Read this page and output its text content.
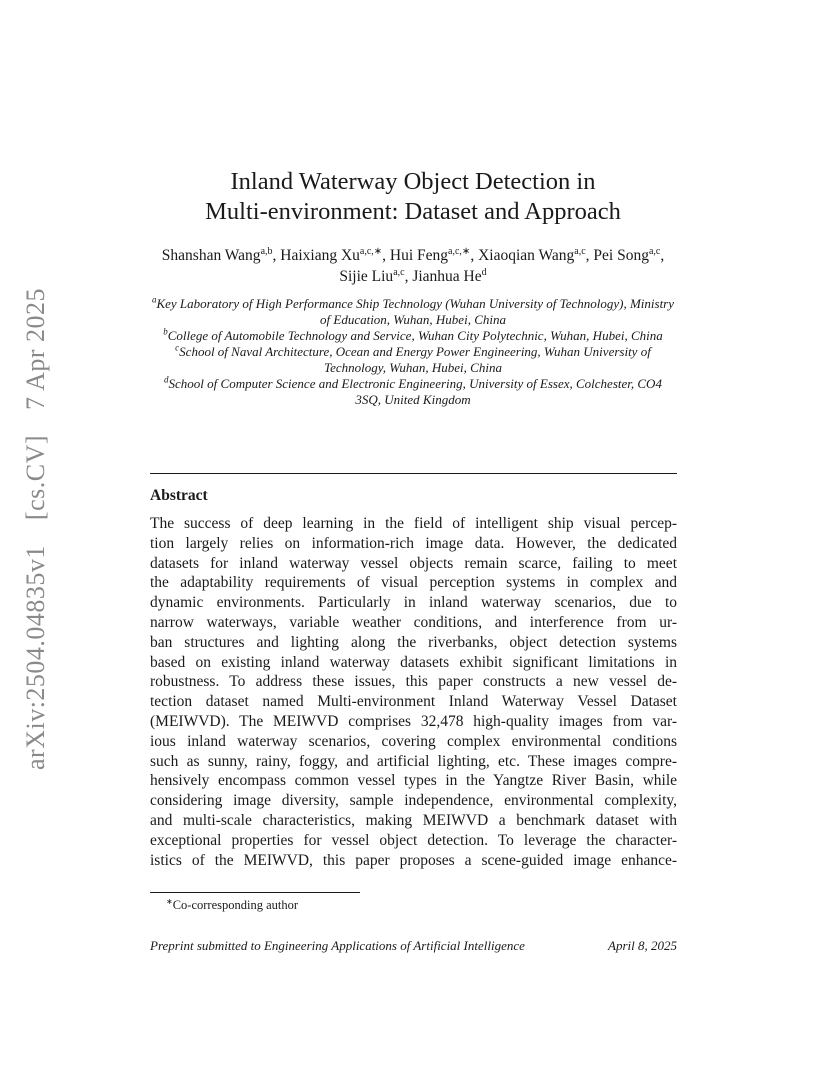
arXiv:2504.04835v1 [cs.CV] 7 Apr 2025
Inland Waterway Object Detection in
Multi-environment: Dataset and Approach
Shanshan Wang$^{a,b}$, Haixiang $Xu^{a,c,∗}$, Hui Feng$^{a,c,∗}$, Xiaoqian Wang$^{a,c}$, Pei Song$^{a,c}$, Sijie Liu$^{a,c}$, Jianhua He$^d$
$^a$Key Laboratory of High Performance Ship Technology (Wuhan University of Technology), Ministry of Education, Wuhan, Hubei, China
$^b$College of Automobile Technology and Service, Wuhan City Polytechnic, Wuhan, Hubei, China
$^c$School of Naval Architecture, Ocean and Energy Power Engineering, Wuhan University of Technology, Wuhan, Hubei, China
$^d$School of Computer Science and Electronic Engineering, University of Essex, Colchester, CO4 3SQ, United Kingdom
Abstract
The success of deep learning in the field of intelligent ship visual percep-
tion largely relies on information-rich image data. However, the dedicated
datasets for inland waterway vessel objects remain scarce, failing to meet
the adaptability requirements of visual perception systems in complex and
dynamic environments. Particularly in inland waterway scenarios, due to
narrow waterways, variable weather conditions, and interference from ur-
ban structures and lighting along the riverbanks, object detection systems
based on existing inland waterway datasets exhibit significant limitations in
robustness. To address these issues, this paper constructs a new vessel de-
tection dataset named Multi-environment Inland Waterway Vessel Dataset
(MEIWVD). The MEIWVD comprises 32,478 high-quality images from var-
ious inland waterway scenarios, covering complex environmental conditions
such as sunny, rainy, foggy, and artificial lighting, etc. These images compre-
hensively encompass common vessel types in the Yangtze River Basin, while
considering image diversity, sample independence, environmental complexity,
and multi-scale characteristics, making MEIWVD a benchmark dataset with
exceptional properties for vessel object detection. To leverage the character-
istics of the MEIWVD, this paper proposes a scene-guided image enhance-
∗Co-corresponding author
Preprint submitted to Engineering Applications of Artificial Intelligence	April 8, 2025
